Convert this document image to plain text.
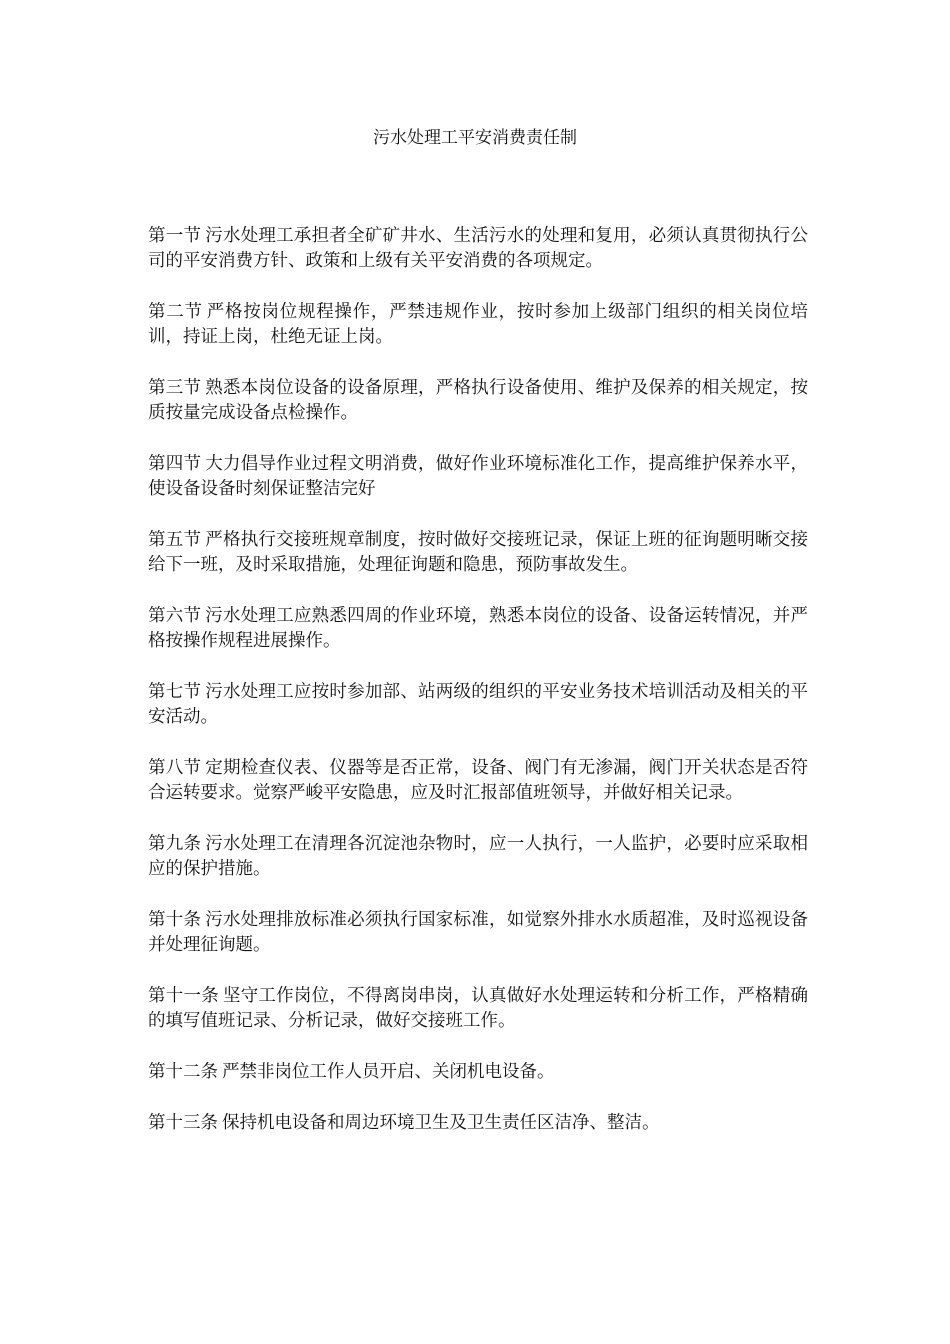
污水处理工平安消费责任制

第一节 污水处理工承担者全矿矿井水、生活污水的处理和复用，必须认真贯彻执行公司的平安消费方针、政策和上级有关平安消费的各项规定。

第二节 严格按岗位规程操作，严禁违规作业，按时参加上级部门组织的相关岗位培训，持证上岗，杜绝无证上岗。

第三节 熟悉本岗位设备的设备原理，严格执行设备使用、维护及保养的相关规定，按质按量完成设备点检操作。

第四节 大力倡导作业过程文明消费，做好作业环境标准化工作，提高维护保养水平，使设备设备时刻保证整洁完好

第五节 严格执行交接班规章制度，按时做好交接班记录，保证上班的征询题明晰交接给下一班，及时采取措施，处理征询题和隐患，预防事故发生。

第六节 污水处理工应熟悉四周的作业环境，熟悉本岗位的设备、设备运转情况，并严格按操作规程进展操作。

第七节 污水处理工应按时参加部、站两级的组织的平安业务技术培训活动及相关的平安活动。

第八节 定期检查仪表、仪器等是否正常，设备、阀门有无渗漏，阀门开关状态是否符合运转要求。觉察严峻平安隐患，应及时汇报部值班领导，并做好相关记录。

第九条 污水处理工在清理各沉淀池杂物时，应一人执行，一人监护，必要时应采取相应的保护措施。

第十条 污水处理排放标准必须执行国家标准，如觉察外排水水质超准，及时巡视设备并处理征询题。

第十一条 坚守工作岗位，不得离岗串岗，认真做好水处理运转和分析工作，严格精确的填写值班记录、分析记录，做好交接班工作。

第十二条 严禁非岗位工作人员开启、关闭机电设备。

第十三条 保持机电设备和周边环境卫生及卫生责任区洁净、整洁。
